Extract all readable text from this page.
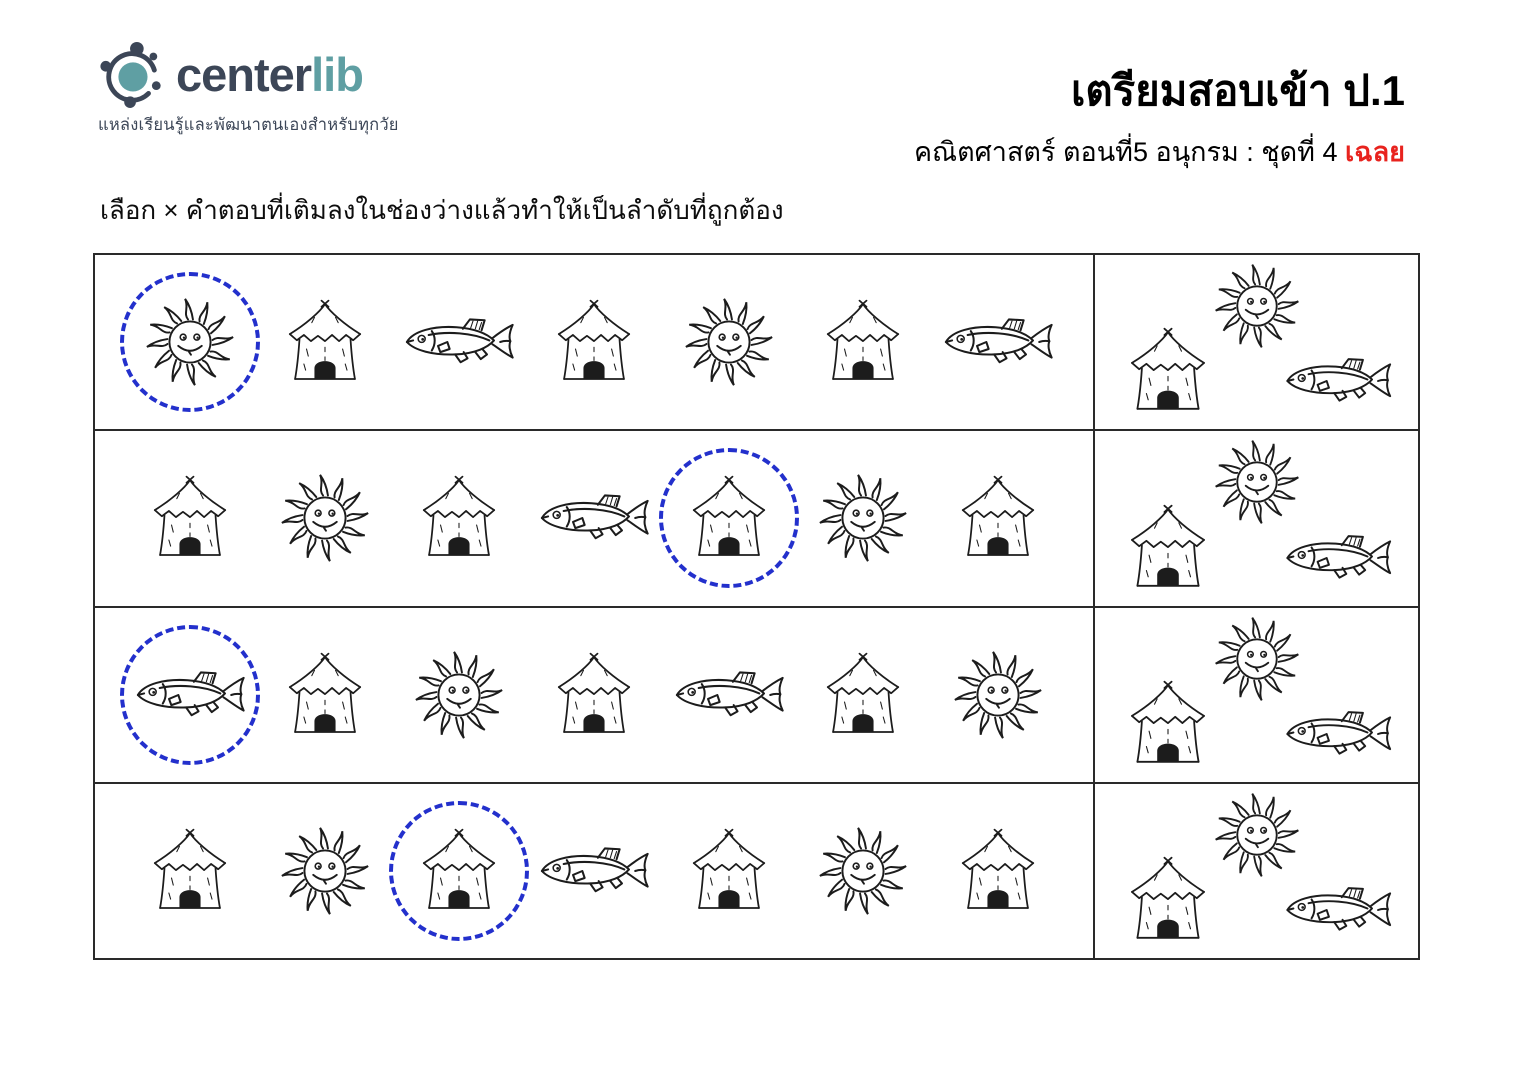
centerlib
แหล่งเรียนรู้และพัฒนาตนเองสำหรับทุกวัย
เตรียมสอบเข้า ป.1
คณิตศาสตร์ ตอนที่5 อนุกรม : ชุดที่ 4 เฉลย
เลือก × คำตอบที่เติมลงในช่องว่างแล้วทำให้เป็นลำดับที่ถูกต้อง
